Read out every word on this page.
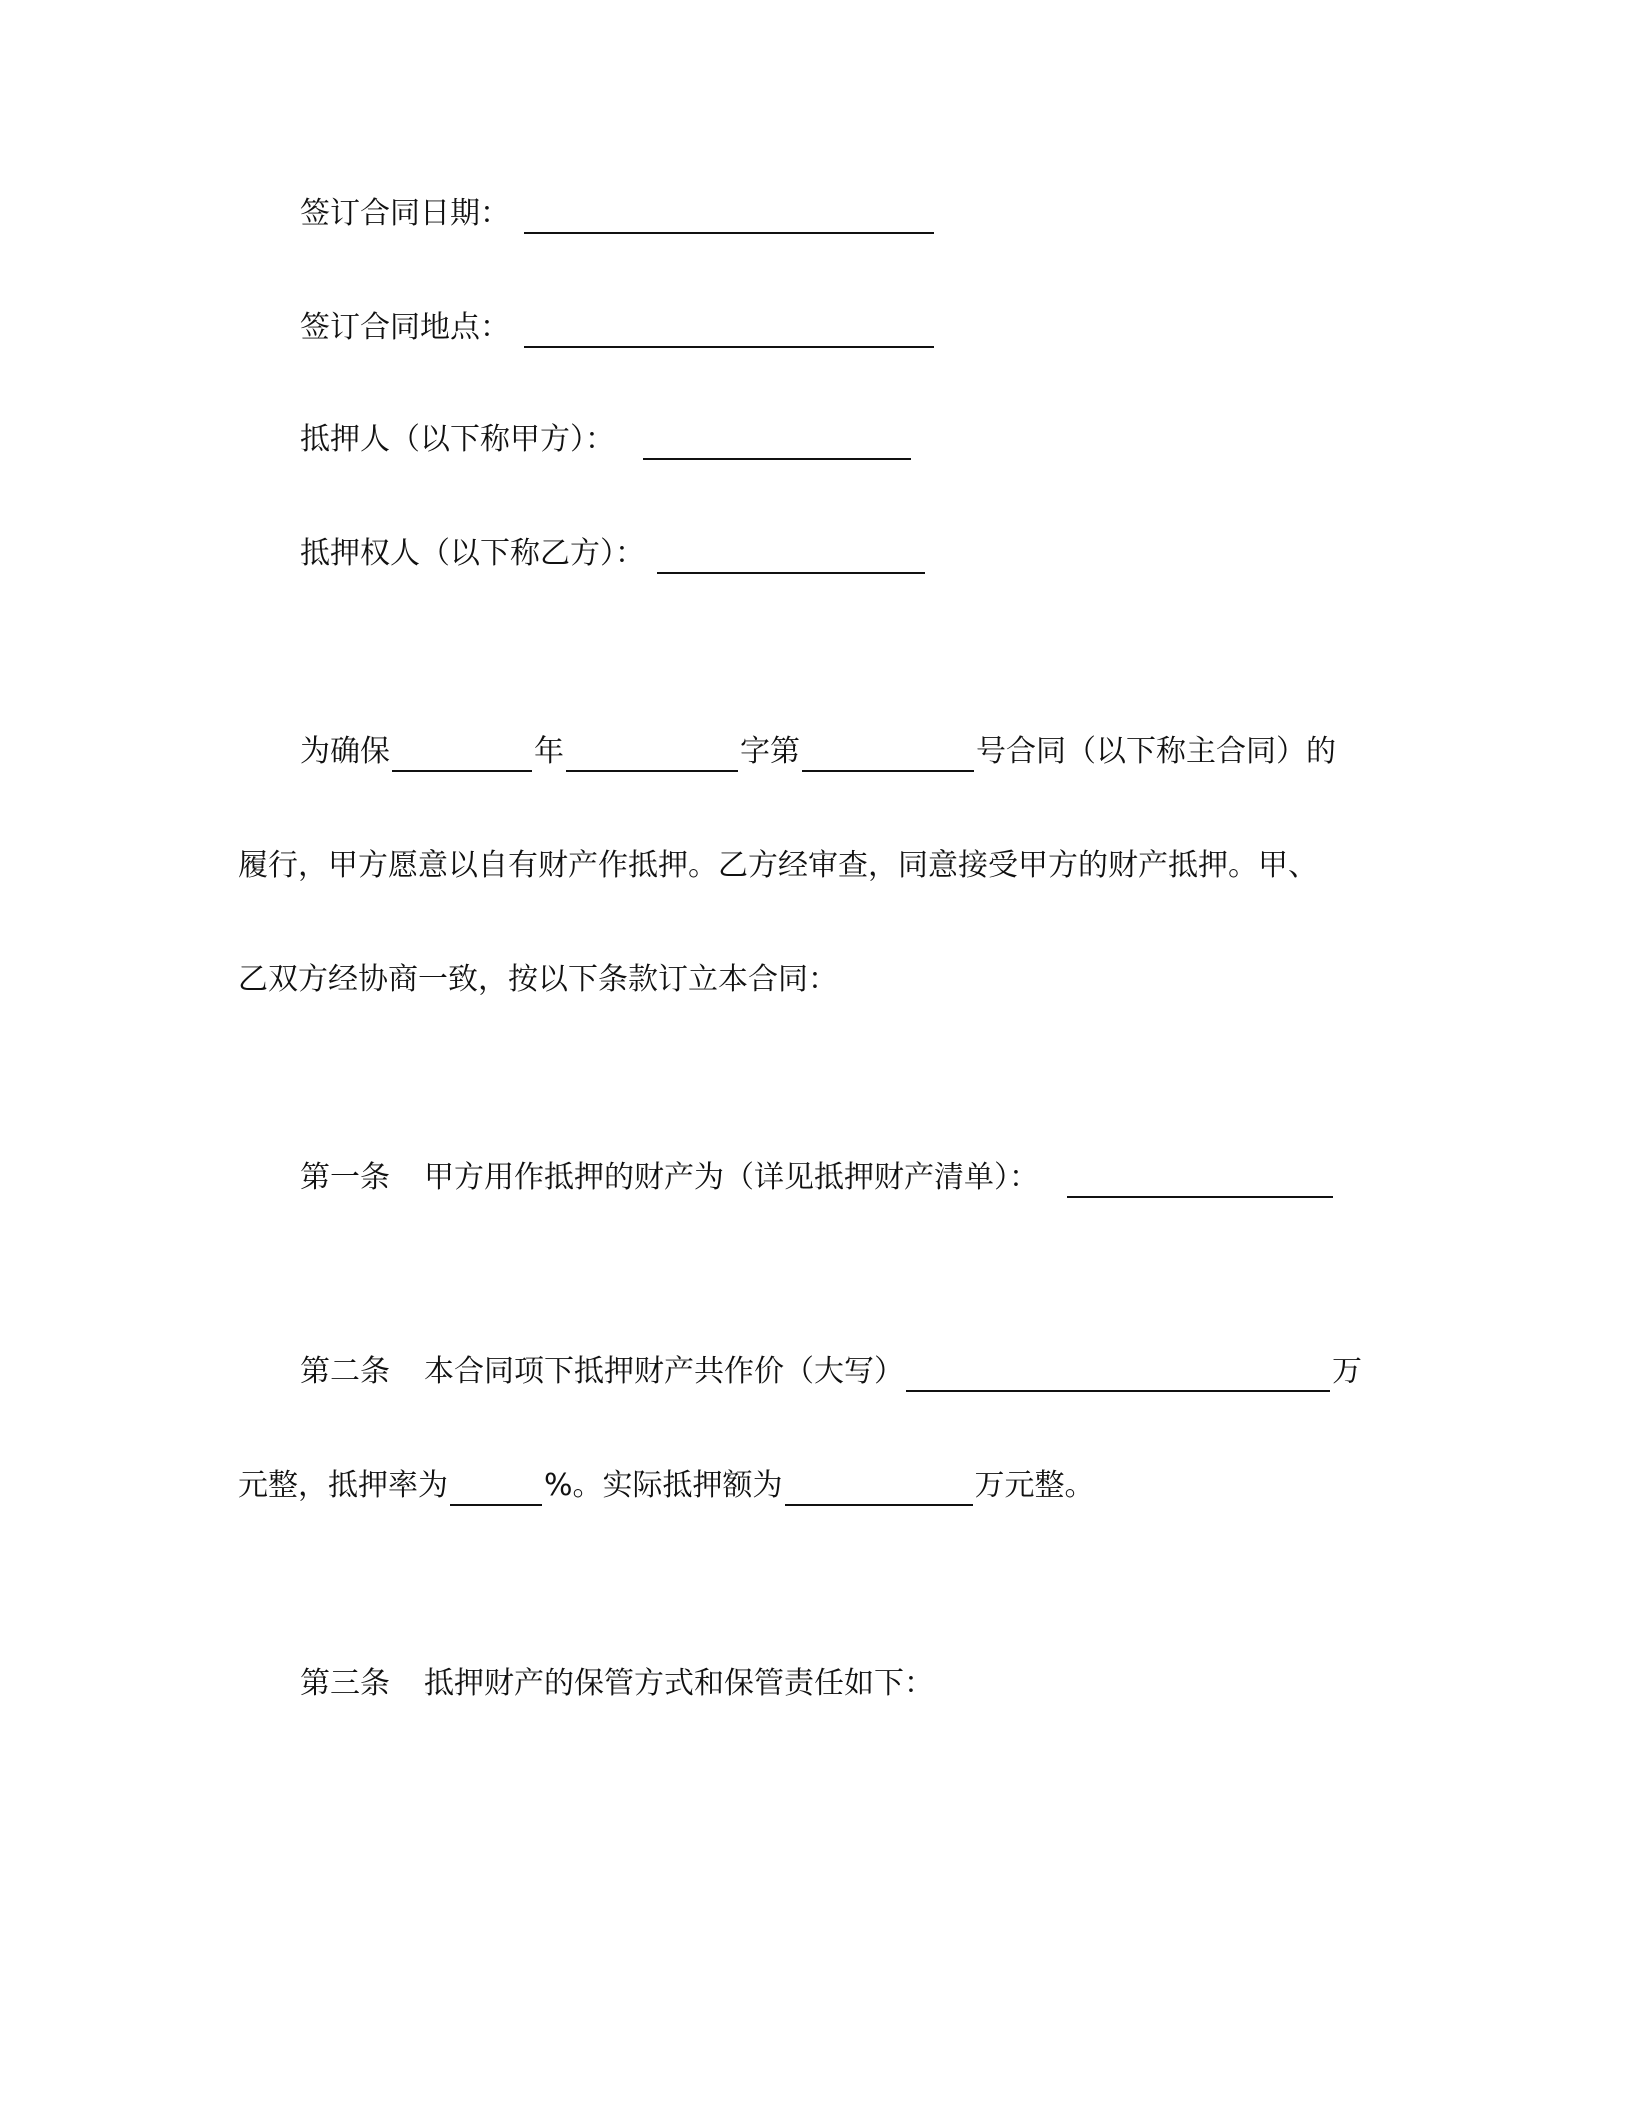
签订合同日期：
签订合同地点：
抵押人（以下称甲方）：
抵押权人（以下称乙方）：
为确保	年	字第	号合同（以下称主合同）的
履行，甲方愿意以自有财产作抵押。乙方经审查，同意接受甲方的财产抵押。甲、
乙双方经协商一致，按以下条款订立本合同：
第一条 甲方用作抵押的财产为（详见抵押财产清单）：
第二条 本合同项下抵押财产共作价（大写）	万
元整，抵押率为	%。实际抵押额为	万元整。
第三条 抵押财产的保管方式和保管责任如下：
